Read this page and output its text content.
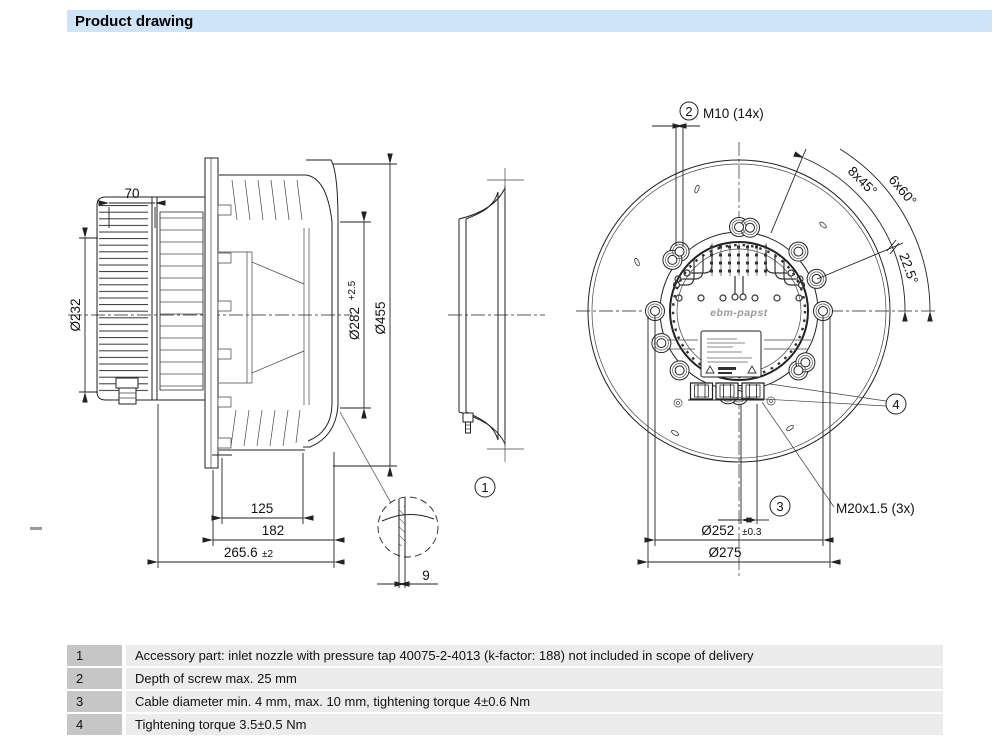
Product drawing
70
Ø232	Ø282 $^{+2.5}$
Ø455
125
182
265.6 ±2
9
1
ebm-papst
2 M10 (14x)
8x45° 6x60°
22.5°
4
M20x1.5 (3x)
3
Ø252 ±0.3
Ø275
1	Accessory part: inlet nozzle with pressure tap 40075-2-4013 (k-factor: 188) not included in scope of delivery
2	Depth of screw max. 25 mm
3	Cable diameter min. 4 mm, max. 10 mm, tightening torque 4±0.6 Nm
4	Tightening torque 3.5±0.5 Nm
